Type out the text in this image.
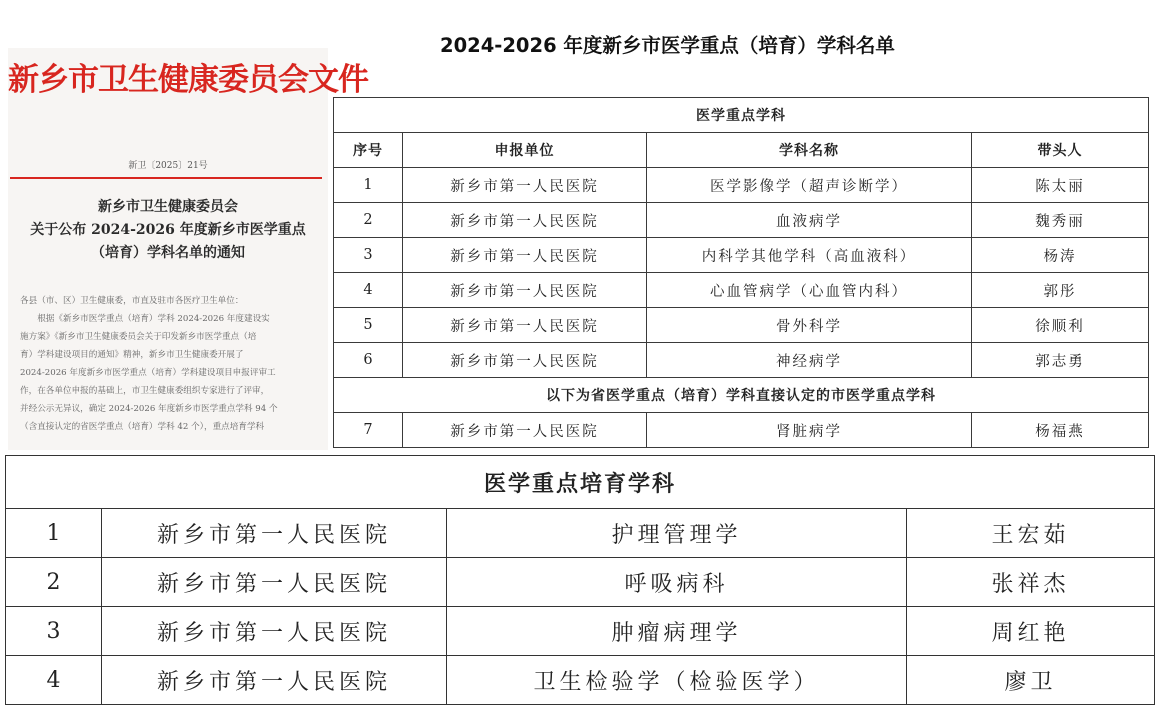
新乡市卫生健康委员会文件
新卫〔2025〕21号
新乡市卫生健康委员会
关于公布 2024-2026 年度新乡市医学重点
（培育）学科名单的通知

各县（市、区）卫生健康委，市直及驻市各医疗卫生单位：

　　根据《新乡市医学重点（培育）学科 2024-2026 年度建设实

施方案》《新乡市卫生健康委员会关于印发新乡市医学重点（培

育）学科建设项目的通知》精神，新乡市卫生健康委开展了

2024-2026 年度新乡市医学重点（培育）学科建设项目申报评审工

作，在各单位申报的基础上，市卫生健康委组织专家进行了评审，

并经公示无异议，确定 2024-2026 年度新乡市医学重点学科 94 个

（含直接认定的省医学重点（培育）学科 42 个），重点培育学科

2024-2026 年度新乡市医学重点（培育）学科名单
医学重点学科			
序号	申报单位	学科名称	带头人
1	新乡市第一人民医院	医学影像学（超声诊断学）	陈太丽
2	新乡市第一人民医院	血液病学	魏秀丽
3	新乡市第一人民医院	内科学其他学科（高血液科）	杨涛
4	新乡市第一人民医院	心血管病学（心血管内科）	郭彤
5	新乡市第一人民医院	骨外科学	徐顺利
6	新乡市第一人民医院	神经病学	郭志勇
以下为省医学重点（培育）学科直接认定的市医学重点学科			
7	新乡市第一人民医院	肾脏病学	杨福燕
医学重点培育学科			
1	新乡市第一人民医院	护理管理学	王宏茹
2	新乡市第一人民医院	呼吸病科	张祥杰
3	新乡市第一人民医院	肿瘤病理学	周红艳
4	新乡市第一人民医院	卫生检验学（检验医学）	廖卫
